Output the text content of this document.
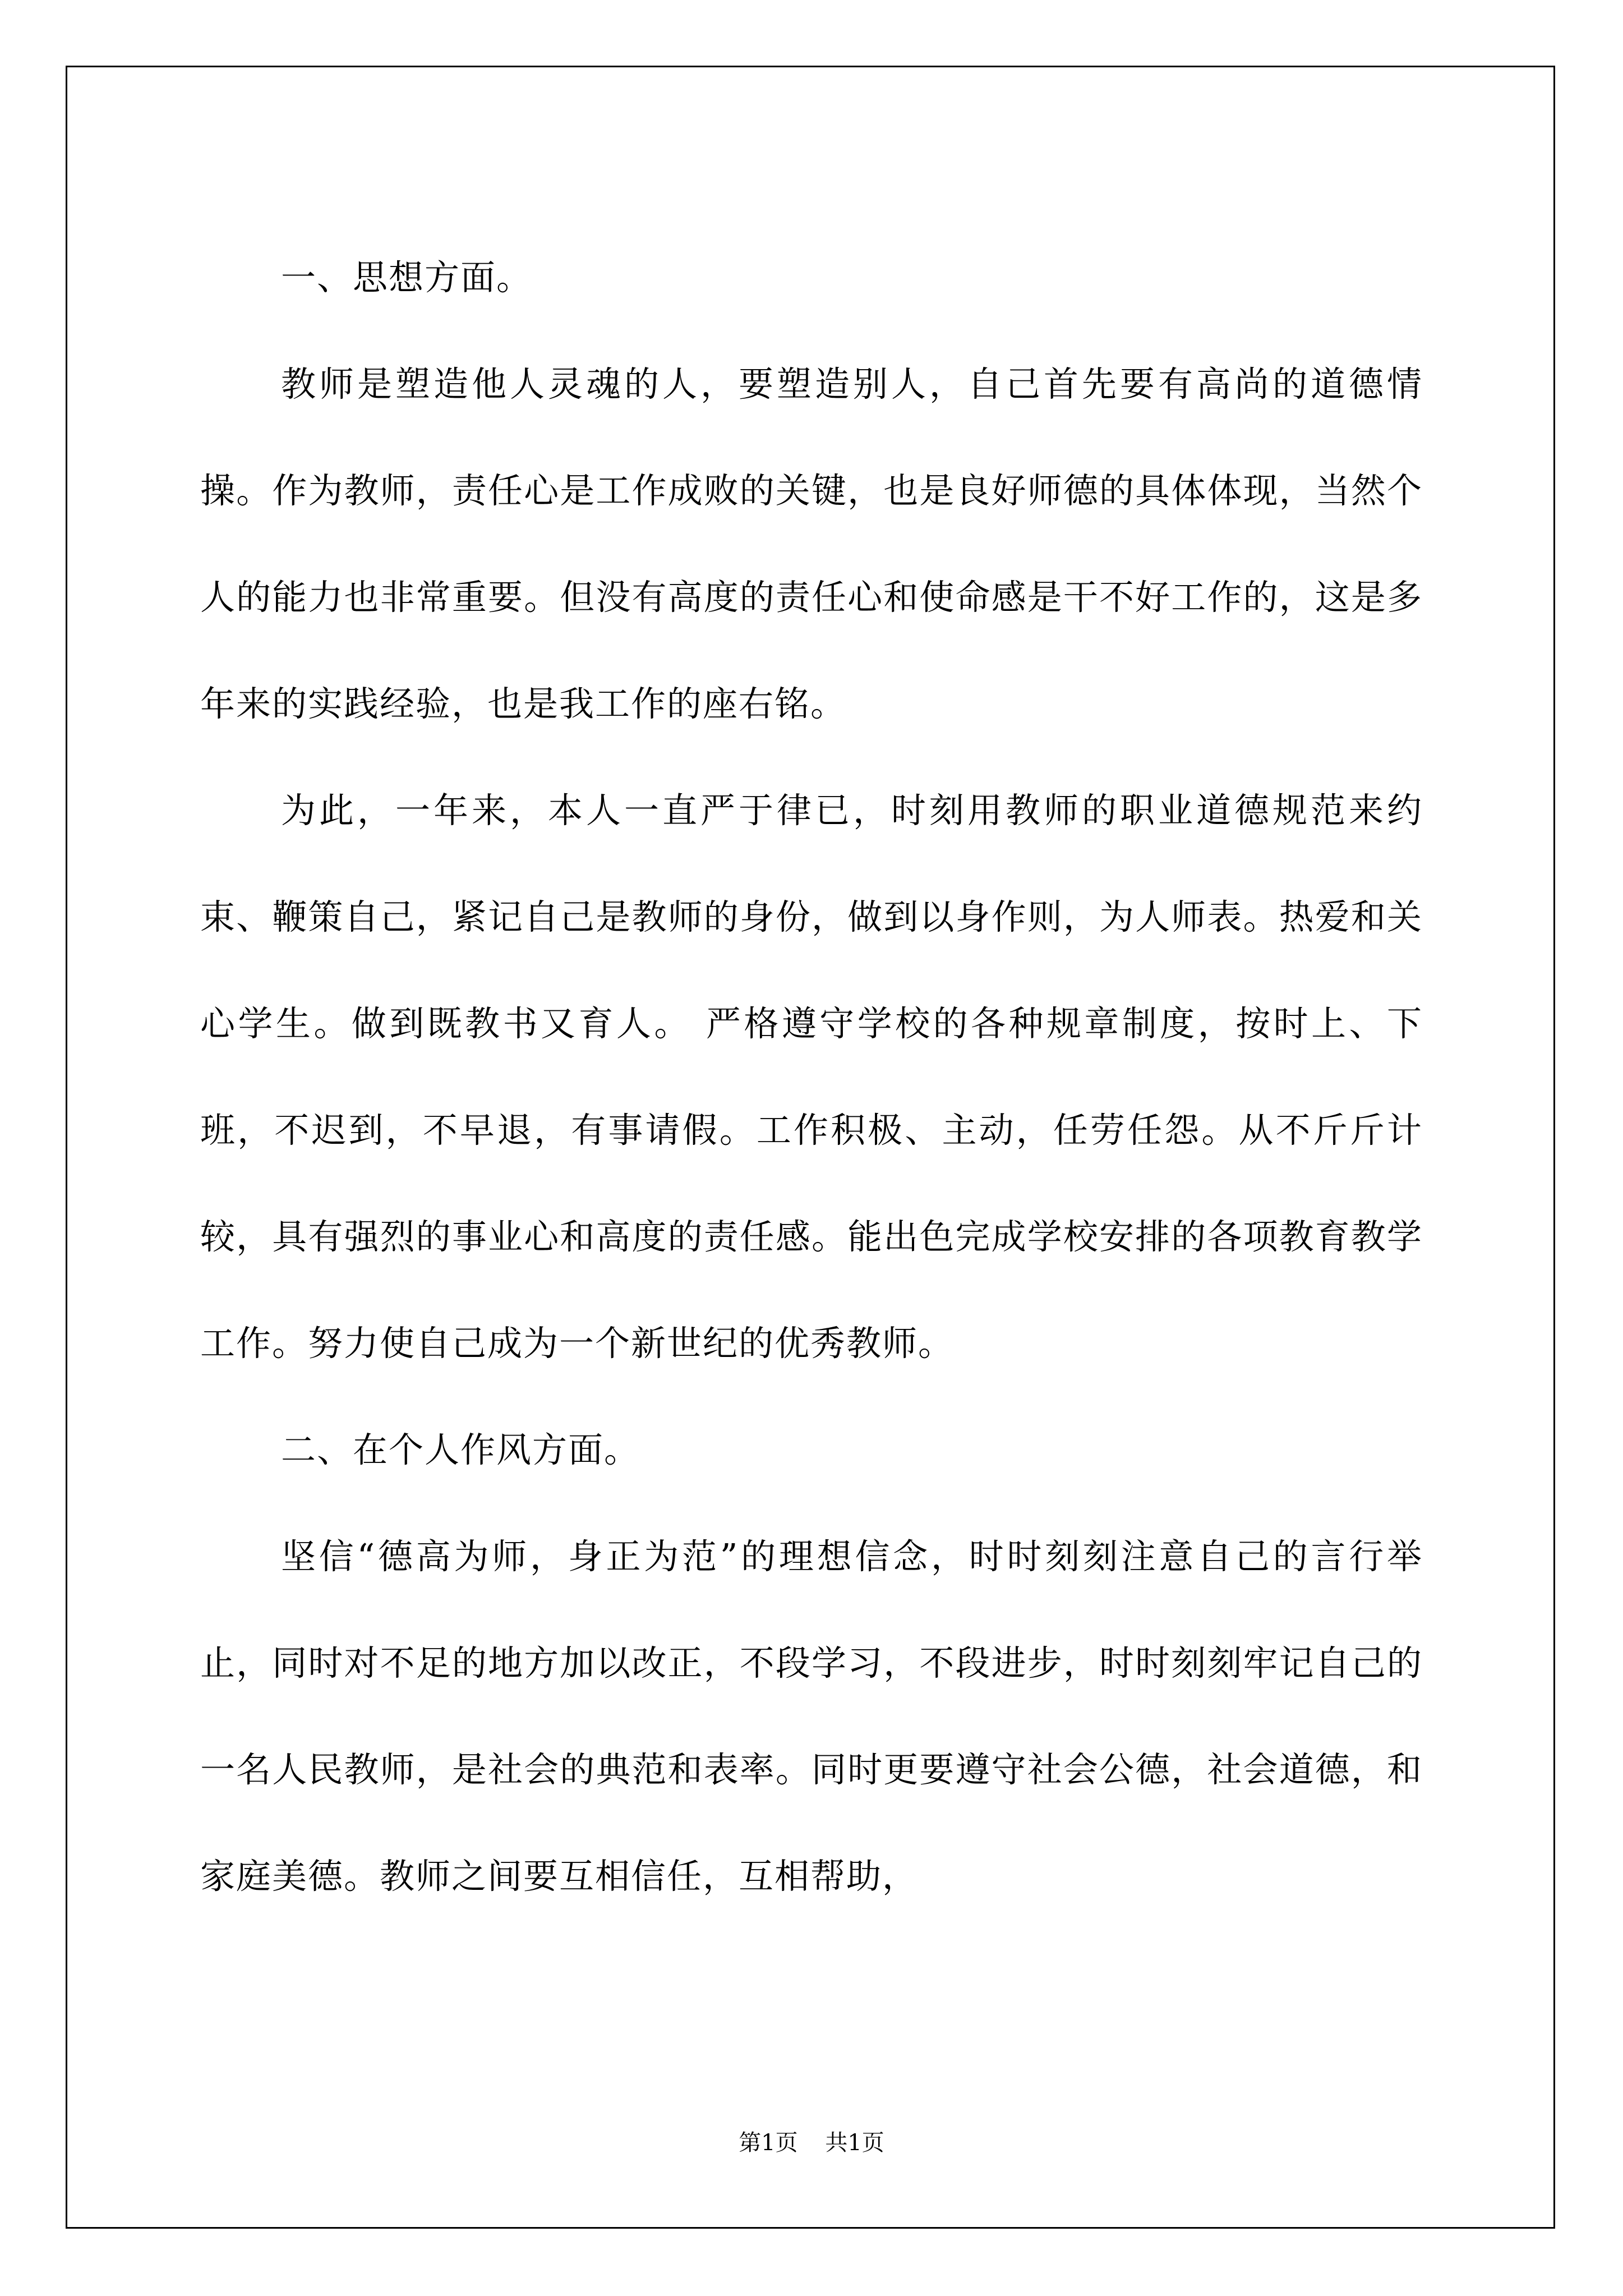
一、思想方面。

教师是塑造他人灵魂的人，要塑造别人，自己首先要有高尚的道德情操。作为教师，责任心是工作成败的关键，也是良好师德的具体体现，当然个人的能力也非常重要。但没有高度的责任心和使命感是干不好工作的，这是多年来的实践经验，也是我工作的座右铭。

为此，一年来，本人一直严于律已，时刻用教师的职业道德规范来约束、鞭策自己，紧记自己是教师的身份，做到以身作则，为人师表。热爱和关心学生。做到既教书又育人。 严格遵守学校的各种规章制度，按时上、下班，不迟到，不早退，有事请假。工作积极、主动，任劳任怨。从不斤斤计较，具有强烈的事业心和高度的责任感。能出色完成学校安排的各项教育教学工作。努力使自己成为一个新世纪的优秀教师。

二、在个人作风方面。

坚信“德高为师，身正为范”的理想信念，时时刻刻注意自己的言行举止，同时对不足的地方加以改正，不段学习，不段进步，时时刻刻牢记自己的一名人民教师，是社会的典范和表率。同时更要遵守社会公德，社会道德，和家庭美德。教师之间要互相信任，互相帮助，

第1页 共1页
